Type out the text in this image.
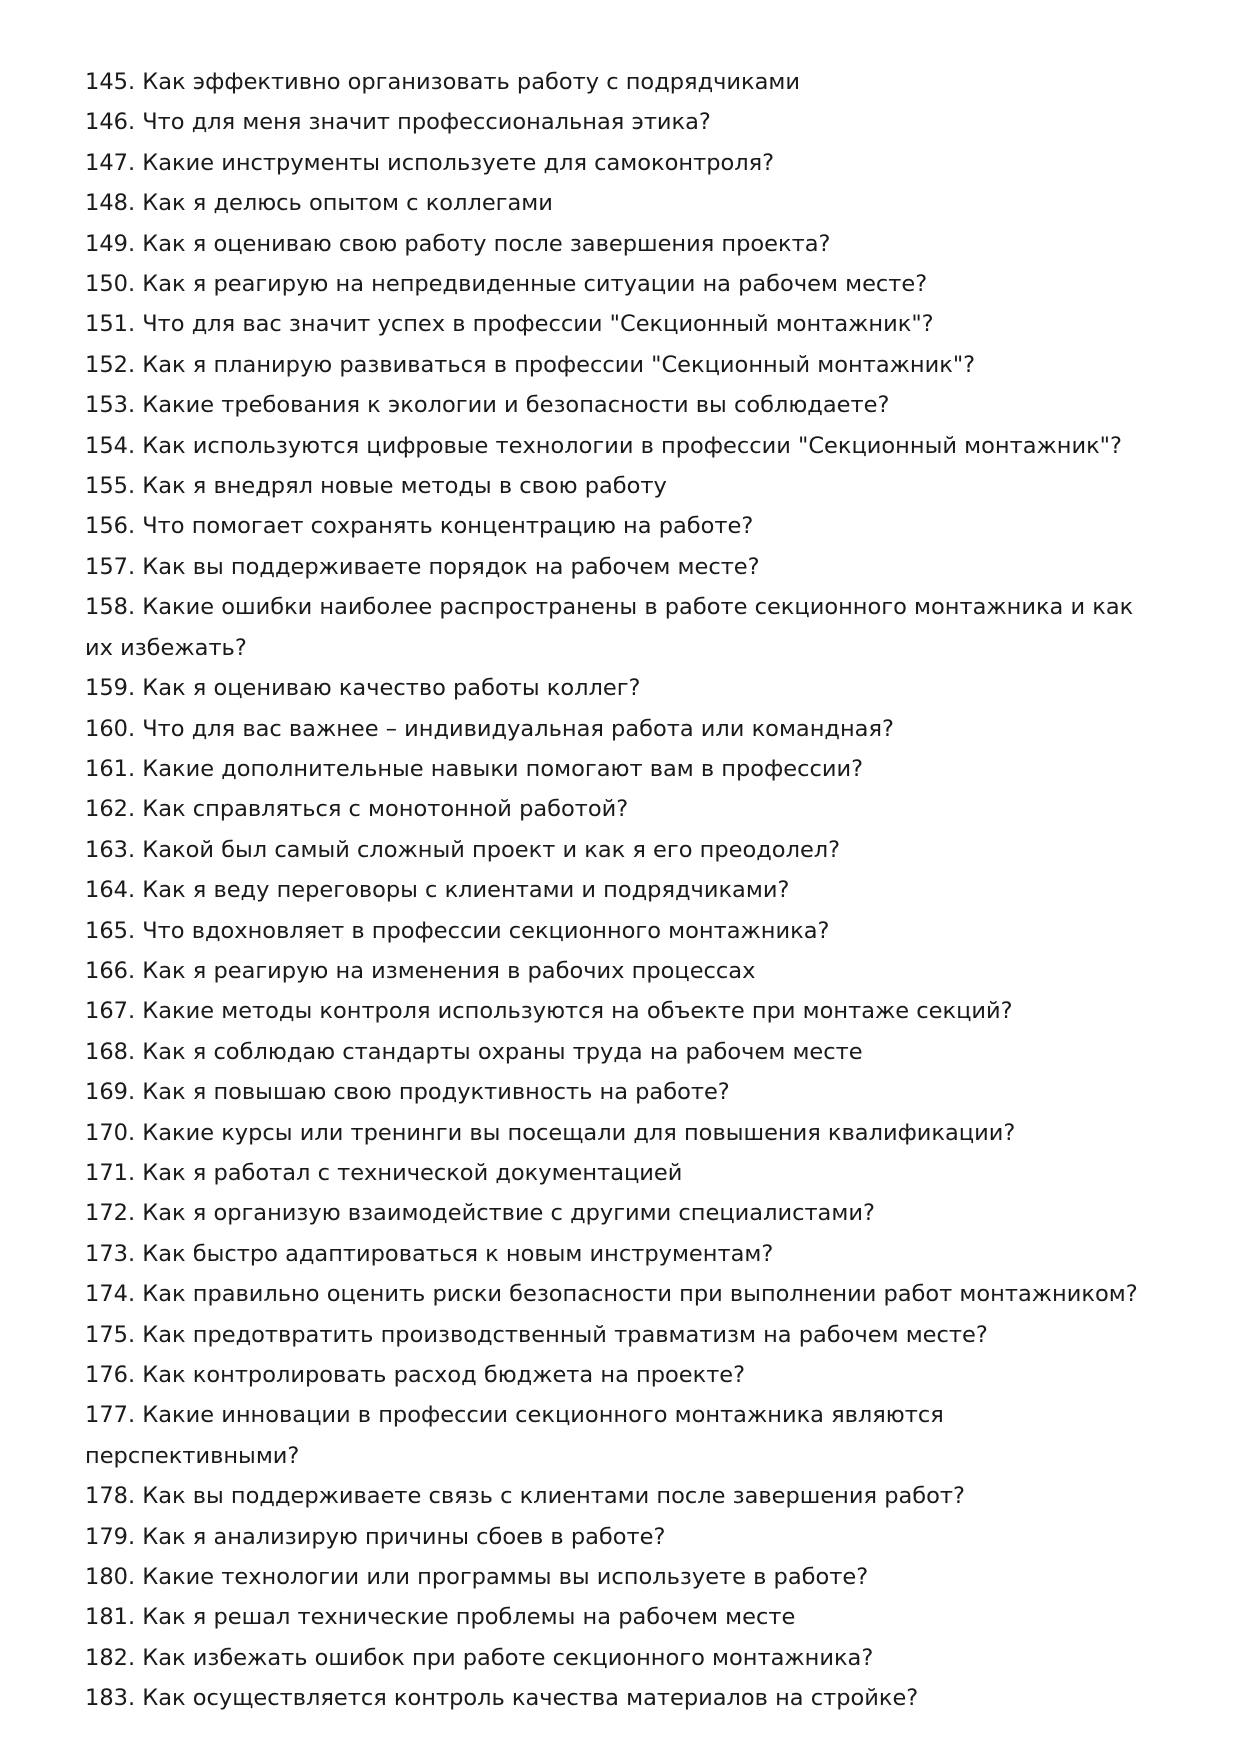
145. Как эффективно организовать работу с подрядчиками
146. Что для меня значит профессиональная этика?
147. Какие инструменты используете для самоконтроля?
148. Как я делюсь опытом с коллегами
149. Как я оцениваю свою работу после завершения проекта?
150. Как я реагирую на непредвиденные ситуации на рабочем месте?
151. Что для вас значит успех в профессии "Секционный монтажник"?
152. Как я планирую развиваться в профессии "Секционный монтажник"?
153. Какие требования к экологии и безопасности вы соблюдаете?
154. Как используются цифровые технологии в профессии "Секционный монтажник"?
155. Как я внедрял новые методы в свою работу
156. Что помогает сохранять концентрацию на работе?
157. Как вы поддерживаете порядок на рабочем месте?
158. Какие ошибки наиболее распространены в работе секционного монтажника и как их избежать?
159. Как я оцениваю качество работы коллег?
160. Что для вас важнее – индивидуальная работа или командная?
161. Какие дополнительные навыки помогают вам в профессии?
162. Как справляться с монотонной работой?
163. Какой был самый сложный проект и как я его преодолел?
164. Как я веду переговоры с клиентами и подрядчиками?
165. Что вдохновляет в профессии секционного монтажника?
166. Как я реагирую на изменения в рабочих процессах
167. Какие методы контроля используются на объекте при монтаже секций?
168. Как я соблюдаю стандарты охраны труда на рабочем месте
169. Как я повышаю свою продуктивность на работе?
170. Какие курсы или тренинги вы посещали для повышения квалификации?
171. Как я работал с технической документацией
172. Как я организую взаимодействие с другими специалистами?
173. Как быстро адаптироваться к новым инструментам?
174. Как правильно оценить риски безопасности при выполнении работ монтажником?
175. Как предотвратить производственный травматизм на рабочем месте?
176. Как контролировать расход бюджета на проекте?
177. Какие инновации в профессии секционного монтажника являются перспективными?
178. Как вы поддерживаете связь с клиентами после завершения работ?
179. Как я анализирую причины сбоев в работе?
180. Какие технологии или программы вы используете в работе?
181. Как я решал технические проблемы на рабочем месте
182. Как избежать ошибок при работе секционного монтажника?
183. Как осуществляется контроль качества материалов на стройке?
